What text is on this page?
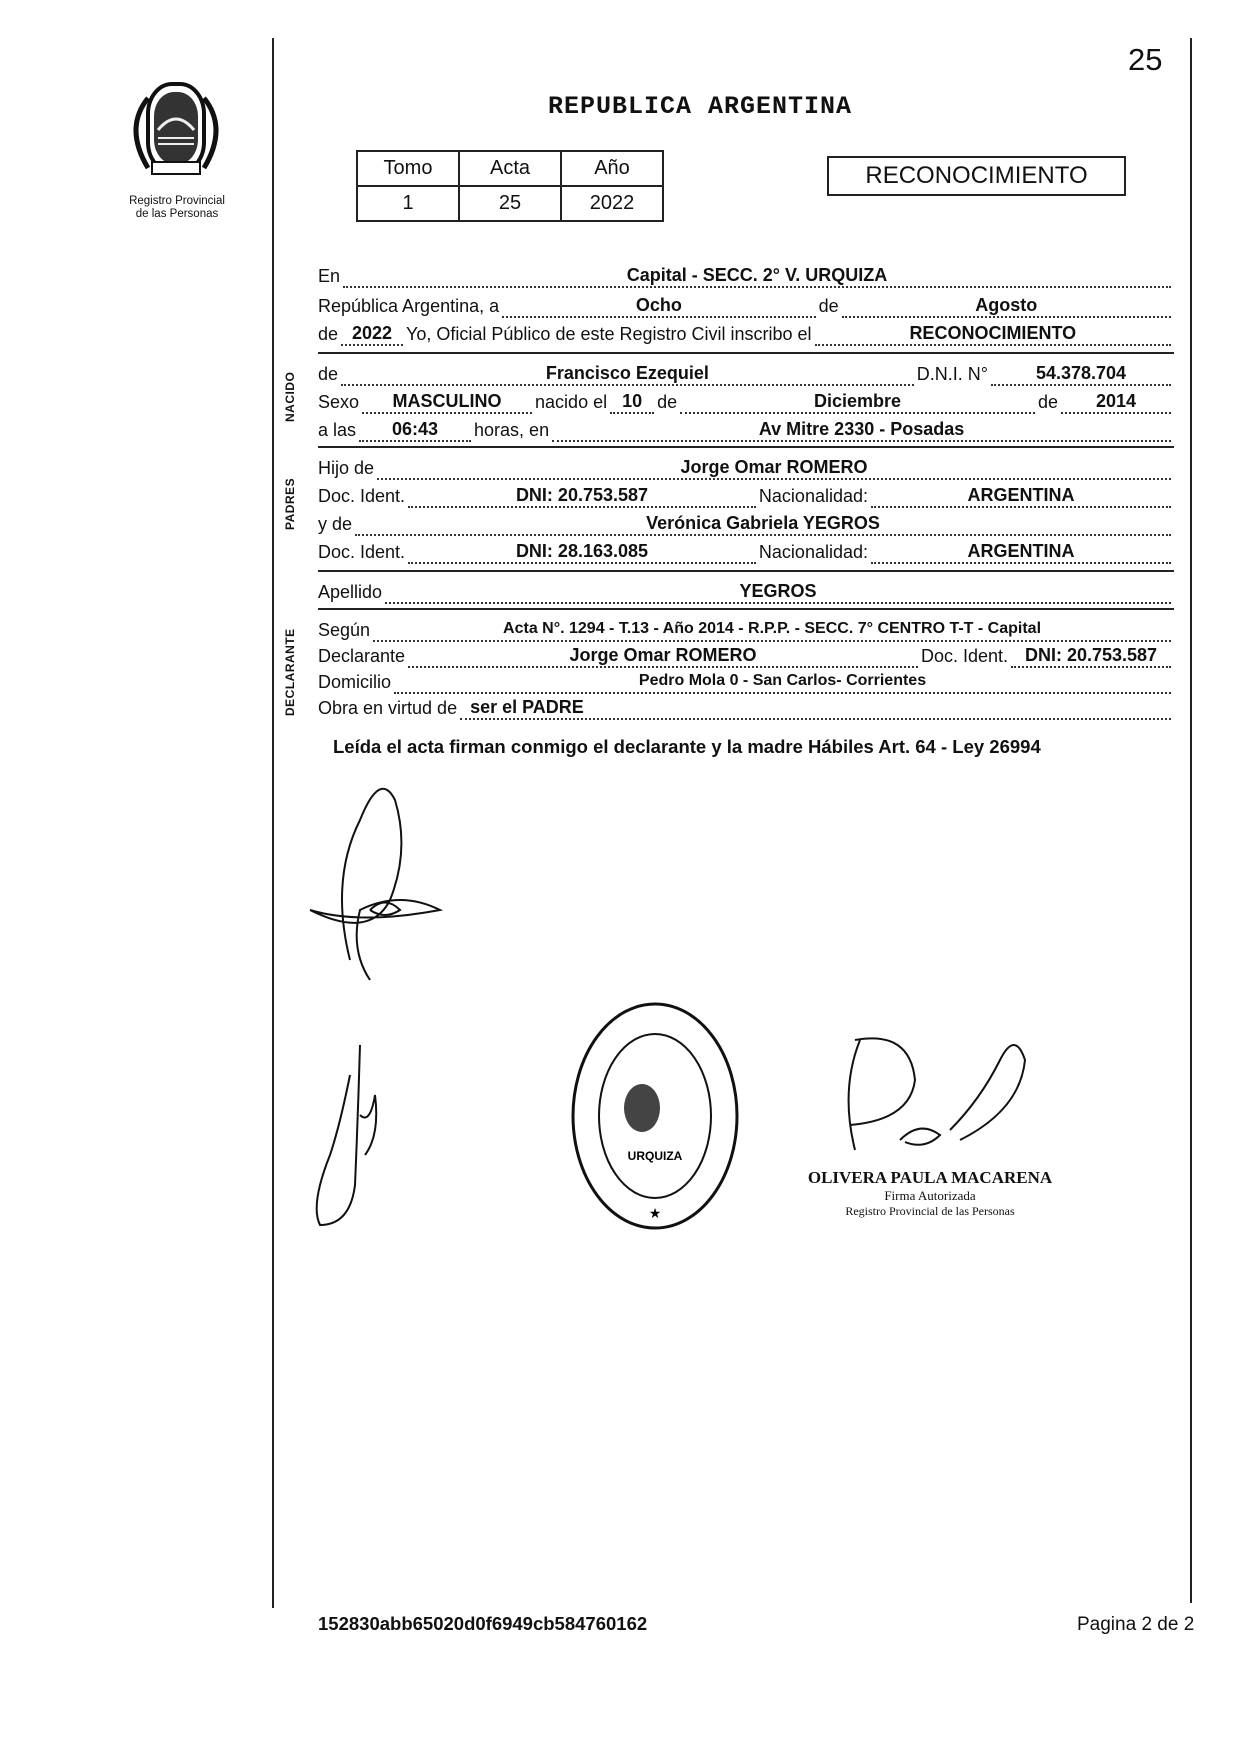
25
REPUBLICA ARGENTINA
Registro Provincial
de las Personas
Tomo	Acta	Año
1	25	2022
RECONOCIMIENTO
NACIDO
PADRES
DECLARANTE
En	Capital - SECC. 2° V. URQUIZA
República Argentina, a	Ocho	de	Agosto
de 2022 Yo, Oficial Público de este Registro Civil inscribo el	RECONOCIMIENTO
de	Francisco Ezequiel	D.N.I. N°	54.378.704
Sexo	MASCULINO	nacido el 10 de	Diciembre	de	2014
a las	06:43	horas, en	Av Mitre 2330 - Posadas
Hijo de	Jorge Omar ROMERO
Doc. Ident.	DNI: 20.753.587	Nacionalidad:	ARGENTINA
y de	Verónica Gabriela YEGROS
Doc. Ident.	DNI: 28.163.085	Nacionalidad:	ARGENTINA
Apellido	YEGROS
Según	Acta N°. 1294 - T.13 - Año 2014 - R.P.P. - SECC. 7° CENTRO T-T - Capital
Declarante	Jorge Omar ROMERO	Doc. Ident. DNI: 20.753.587
Domicilio	Pedro Mola 0 - San Carlos- Corrientes
Obra en virtud de ser el PADRE
Leída el acta firman conmigo el declarante y la madre Hábiles Art. 64 - Ley 26994
URQUIZA
★
OLIVERA PAULA MACARENA
Firma Autorizada
Registro Provincial de las Personas
152830abb65020d0f6949cb584760162	Pagina 2 de 2
